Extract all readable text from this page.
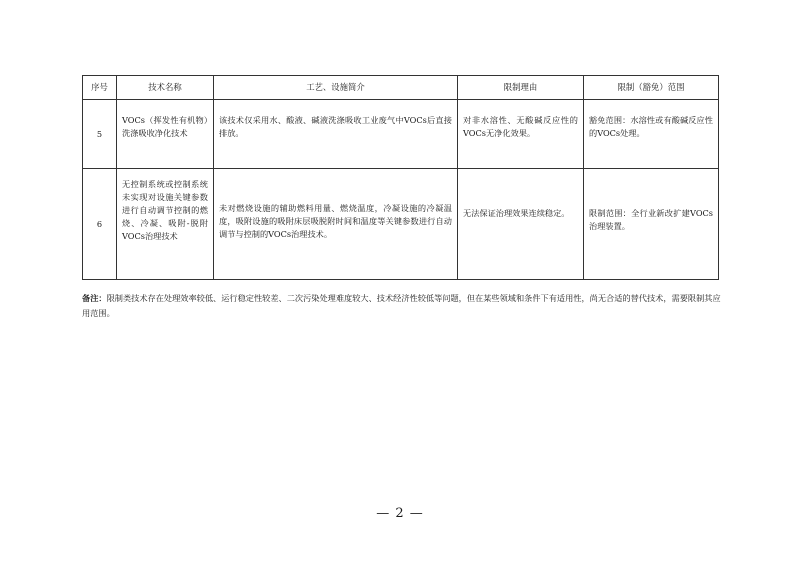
序号	技术名称	工艺、设施简介	限制理由	限制（豁免）范围
5	VOCs（挥发性有机物）洗涤吸收净化技术	该技术仅采用水、酸液、碱液洗涤吸收工业废气中VOCs后直接排放。	对非水溶性、无酸碱反应性的VOCs无净化效果。	豁免范围：水溶性或有酸碱反应性的VOCs处理。

6	无控制系统或控制系统未实现对设施关键参数进行自动调节控制的燃烧、冷凝、吸附-脱附VOCs治理技术	未对燃烧设施的辅助燃料用量、燃烧温度，冷凝设施的冷凝温度，吸附设施的吸附床层吸脱附时间和温度等关键参数进行自动调节与控制的VOCs治理技术。	无法保证治理效果连续稳定。	限制范围：全行业新改扩建VOCs治理装置。
备注：限制类技术存在处理效率较低、运行稳定性较差、二次污染处理难度较大、技术经济性较低等问题，但在某些领域和条件下有适用性，尚无合适的替代技术，需要限制其应用范围。
— 2 —
